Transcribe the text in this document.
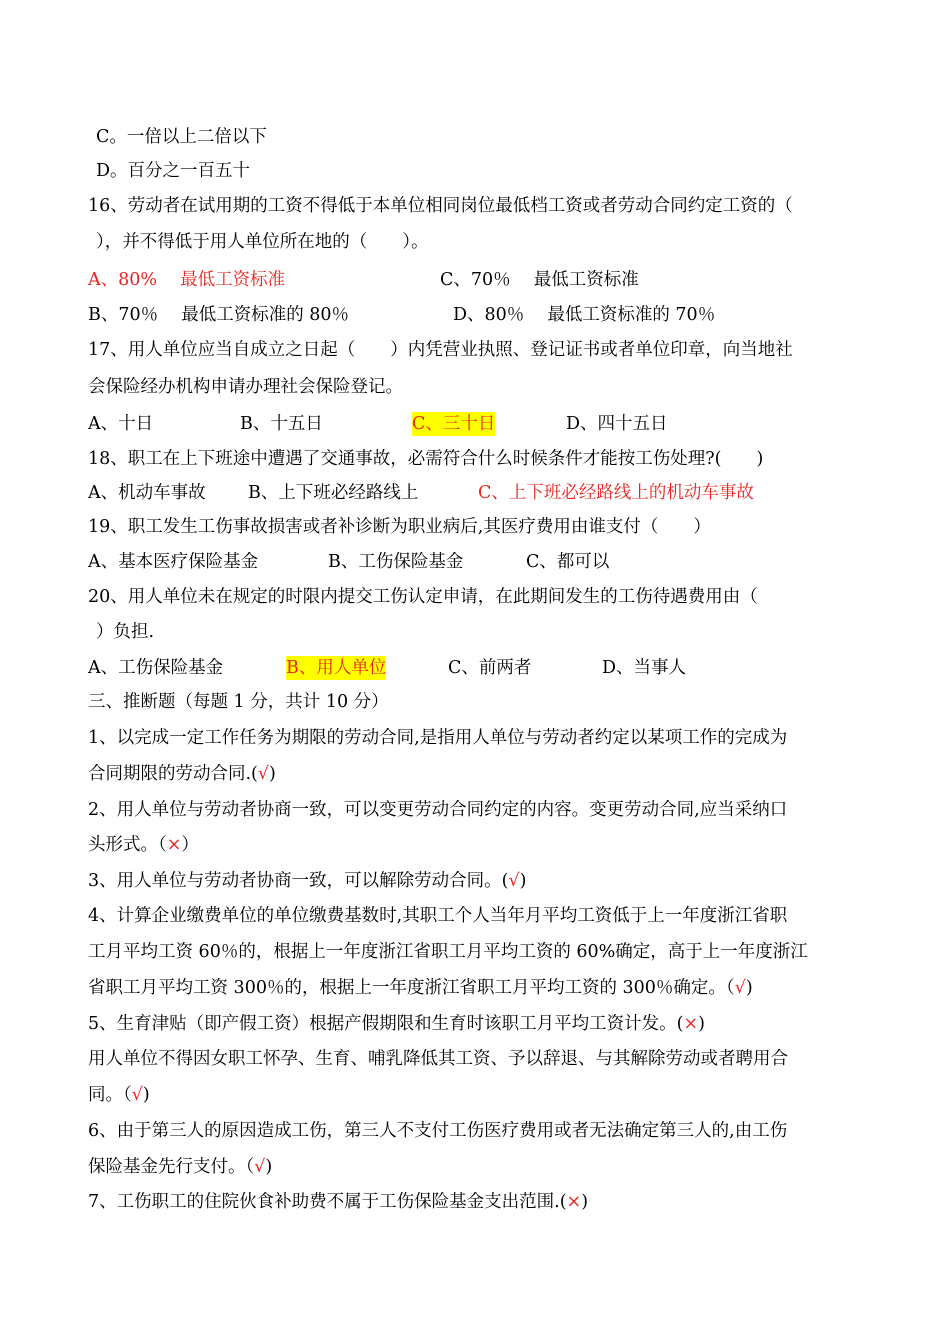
C。一倍以上二倍以下
D。百分之一百五十
16、劳动者在试用期的工资不得低于本单位相同岗位最低档工资或者劳动合同约定工资的（
），并不得低于用人单位所在地的（　　）。
A、80%　 最低工资标准	C、70％　 最低工资标准
B、70％　 最低工资标准的 80％	D、80％　 最低工资标准的 70％
17、用人单位应当自成立之日起（　　）内凭营业执照、登记证书或者单位印章，向当地社
会保险经办机构申请办理社会保险登记。
A、十日	B、十五日	C、三十日	D、四十五日
18、职工在上下班途中遭遇了交通事故，必需符合什么时候条件才能按工伤处理?(　　)
A、机动车事故 B、上下班必经路线上	C、上下班必经路线上的机动车事故
19、职工发生工伤事故损害或者补诊断为职业病后,其医疗费用由谁支付（　　）
A、基本医疗保险基金	B、工伤保险基金	C、都可以
20、用人单位未在规定的时限内提交工伤认定申请，在此期间发生的工伤待遇费用由（
）负担.
A、工伤保险基金	B、用人单位	C、前两者	D、当事人
三、推断题（每题 1 分，共计 10 分）
1、以完成一定工作任务为期限的劳动合同,是指用人单位与劳动者约定以某项工作的完成为
合同期限的劳动合同.(√)
2、用人单位与劳动者协商一致，可以变更劳动合同约定的内容。变更劳动合同,应当采纳口
头形式。（×）
3、用人单位与劳动者协商一致，可以解除劳动合同。(√)
4、计算企业缴费单位的单位缴费基数时,其职工个人当年月平均工资低于上一年度浙江省职
工月平均工资 60％的，根据上一年度浙江省职工月平均工资的 60%确定，高于上一年度浙江
省职工月平均工资 300％的，根据上一年度浙江省职工月平均工资的 300％确定。（√)
5、生育津贴（即产假工资）根据产假期限和生育时该职工月平均工资计发。(×)
用人单位不得因女职工怀孕、生育、哺乳降低其工资、予以辞退、与其解除劳动或者聘用合
同。（√)
6、由于第三人的原因造成工伤，第三人不支付工伤医疗费用或者无法确定第三人的,由工伤
保险基金先行支付。（√)
7、工伤职工的住院伙食补助费不属于工伤保险基金支出范围.(×)
